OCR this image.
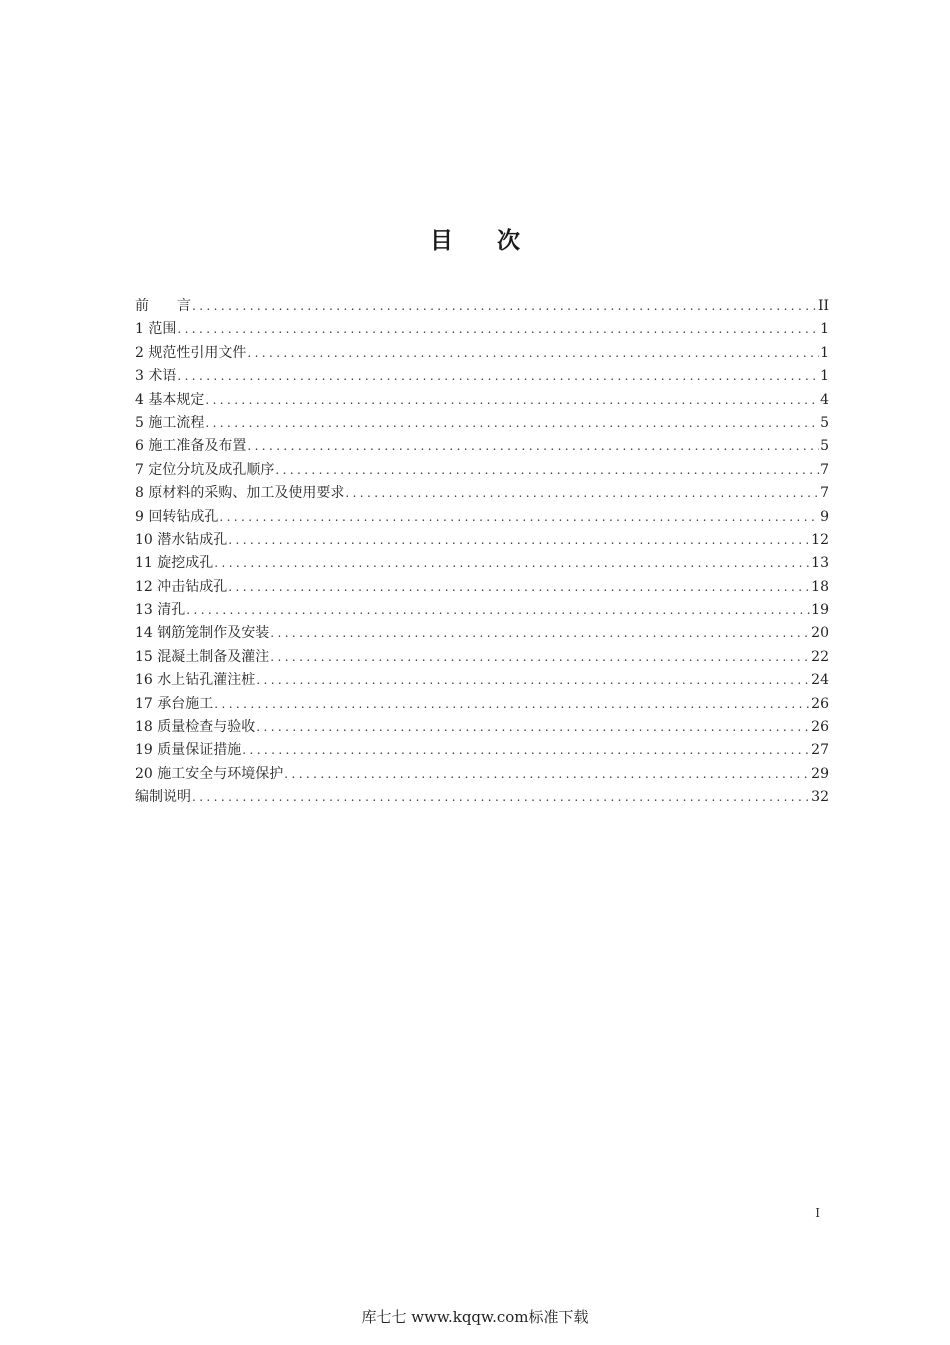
目次
前　　言 .....	II
1 范围 .....	1
2 规范性引用文件 .....	1
3 术语 .....	1
4 基本规定 .....	4
5 施工流程 .....	5
6 施工准备及布置 .....	5
7 定位分坑及成孔顺序 .....	7
8 原材料的采购、加工及使用要求 .....	7
9 回转钻成孔 .....	9
10 潜水钻成孔 .....	12
11 旋挖成孔 .....	13
12 冲击钻成孔 .....	18
13 清孔 .....	19
14 钢筋笼制作及安装 .....	20
15 混凝土制备及灌注 .....	22
16 水上钻孔灌注桩 .....	24
17 承台施工 .....	26
18 质量检查与验收 .....	26
19 质量保证措施 .....	27
20 施工安全与环境保护 .....	29
编制说明 .....	32
I
库七七 www.kqqw.com标准下载
